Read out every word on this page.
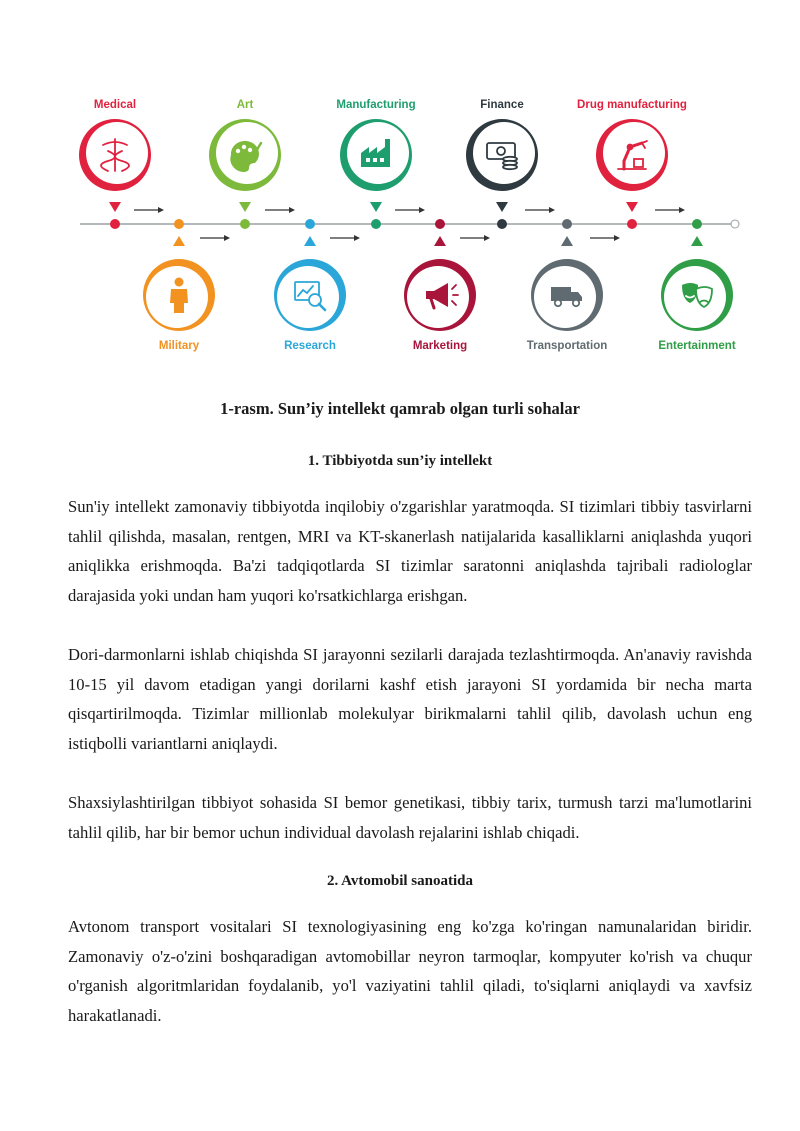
Medical	Art	Manufacturing	Finance	Drug manufacturing
Military	Research	Marketing	Transportation	Entertainment
1-rasm. Sun’iy intellekt qamrab olgan turli sohalar
1. Tibbiyotda sun’iy intellekt

Sun'iy intellekt zamonaviy tibbiyotda inqilobiy o'zgarishlar yaratmoqda. SI tizimlari tibbiy tasvirlarni tahlil qilishda, masalan, rentgen, MRI va KT-skanerlash natijalarida kasalliklarni aniqlashda yuqori aniqlikka erishmoqda. Ba'zi tadqiqotlarda SI tizimlar saratonni aniqlashda tajribali radiologlar darajasida yoki undan ham yuqori ko'rsatkichlarga erishgan.

Dori-darmonlarni ishlab chiqishda SI jarayonni sezilarli darajada tezlashtirmoqda. An'anaviy ravishda 10-15 yil davom etadigan yangi dorilarni kashf etish jarayoni SI yordamida bir necha marta qisqartirilmoqda. Tizimlar millionlab molekulyar birikmalarni tahlil qilib, davolash uchun eng istiqbolli variantlarni aniqlaydi.

Shaxsiylashtirilgan tibbiyot sohasida SI bemor genetikasi, tibbiy tarix, turmush tarzi ma'lumotlarini tahlil qilib, har bir bemor uchun individual davolash rejalarini ishlab chiqadi.

2. Avtomobil sanoatida

Avtonom transport vositalari SI texnologiyasining eng ko'zga ko'ringan namunalaridan biridir. Zamonaviy o'z-o'zini boshqaradigan avtomobillar neyron tarmoqlar, kompyuter ko'rish va chuqur o'rganish algoritmlaridan foydalanib, yo'l vaziyatini tahlil qiladi, to'siqlarni aniqlaydi va xavfsiz harakatlanadi.
